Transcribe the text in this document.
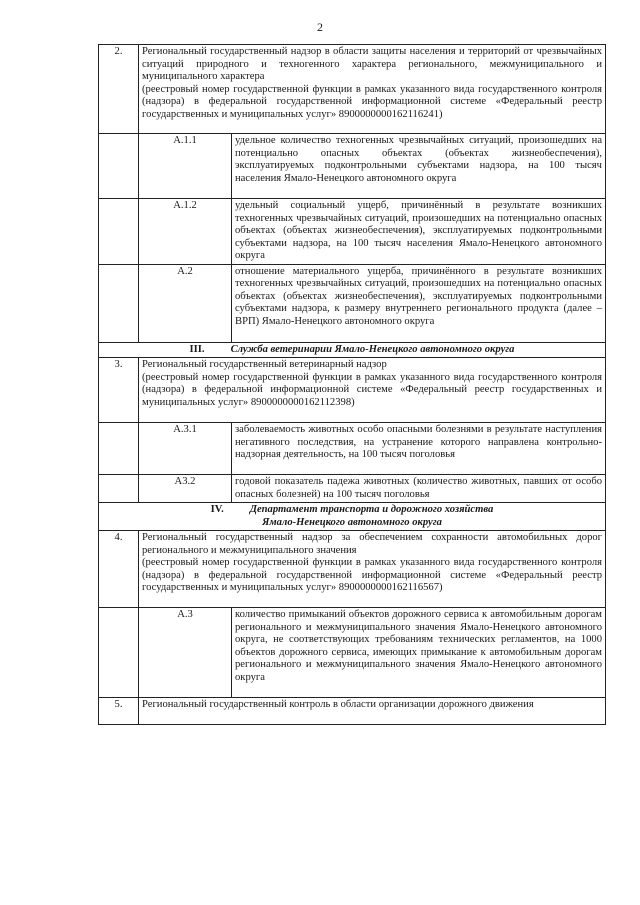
2
2.	Региональный государственный надзор в области защиты населения и территорий от чрезвычайных ситуаций природного и техногенного характера регионального, межмуниципального и муниципального характера
(реестровый номер государственной функции в рамках указанного вида государственного контроля (надзора) в федеральной государственной информационной системе «Федеральный реестр государственных и муниципальных услуг» 8900000000162116241)	

	А.1.1	удельное количество техногенных чрезвычайных ситуаций, произошедших на потенциально опасных объектах (объектах жизнеобеспечения), эксплуатируемых подконтрольными субъектами надзора, на 100 тысяч населения Ямало-Ненецкого автономного округа
	А.1.2	удельный социальный ущерб, причинённый в результате возникших техногенных чрезвычайных ситуаций, произошедших на потенциально опасных объектах (объектах жизнеобеспечения), эксплуатируемых подконтрольными субъектами надзора, на 100 тысяч населения Ямало-Ненецкого автономного округа
	А.2	отношение материального ущерба, причинённого в результате возникших техногенных чрезвычайных ситуаций, произошедших на потенциально опасных объектах (объектах жизнеобеспечения), эксплуатируемых подконтрольными субъектами надзора, к размеру внутреннего регионального продукта (далее – ВРП) Ямало-Ненецкого автономного округа
III. Служба ветеринарии Ямало-Ненецкого автономного округа		
3.	Региональный государственный ветеринарный надзор
(реестровый номер государственной функции в рамках указанного вида государственного контроля (надзора) в федеральной информационной системе «Федеральный реестр государственных и муниципальных услуг» 8900000000162112398)	

	А.3.1	заболеваемость животных особо опасными болезнями в результате наступления негативного последствия, на устранение которого направлена контрольно-надзорная деятельность, на 100 тысяч поголовья
	А3.2	годовой показатель падежа животных (количество животных, павших от особо опасных болезней) на 100 тысяч поголовья

IV. Департамент транспорта и дорожного хозяйства
Ямало-Ненецкого автономного округа		

4.	Региональный государственный надзор за обеспечением сохранности автомобильных дорог регионального и межмуниципального значения
(реестровый номер государственной функции в рамках указанного вида государственного контроля (надзора) в федеральной государственной информационной системе «Федеральный реестр государственных и муниципальных услуг» 8900000000162116567)	

	А.3	количество примыканий объектов дорожного сервиса к автомобильным дорогам регионального и межмуниципального значения Ямало-Ненецкого автономного округа, не соответствующих требованиям технических регламентов, на 1000 объектов дорожного сервиса, имеющих примыкание к автомобильным дорогам регионального и межмуниципального значения Ямало-Ненецкого автономного округа
5.	Региональный государственный контроль в области организации дорожного движения	
